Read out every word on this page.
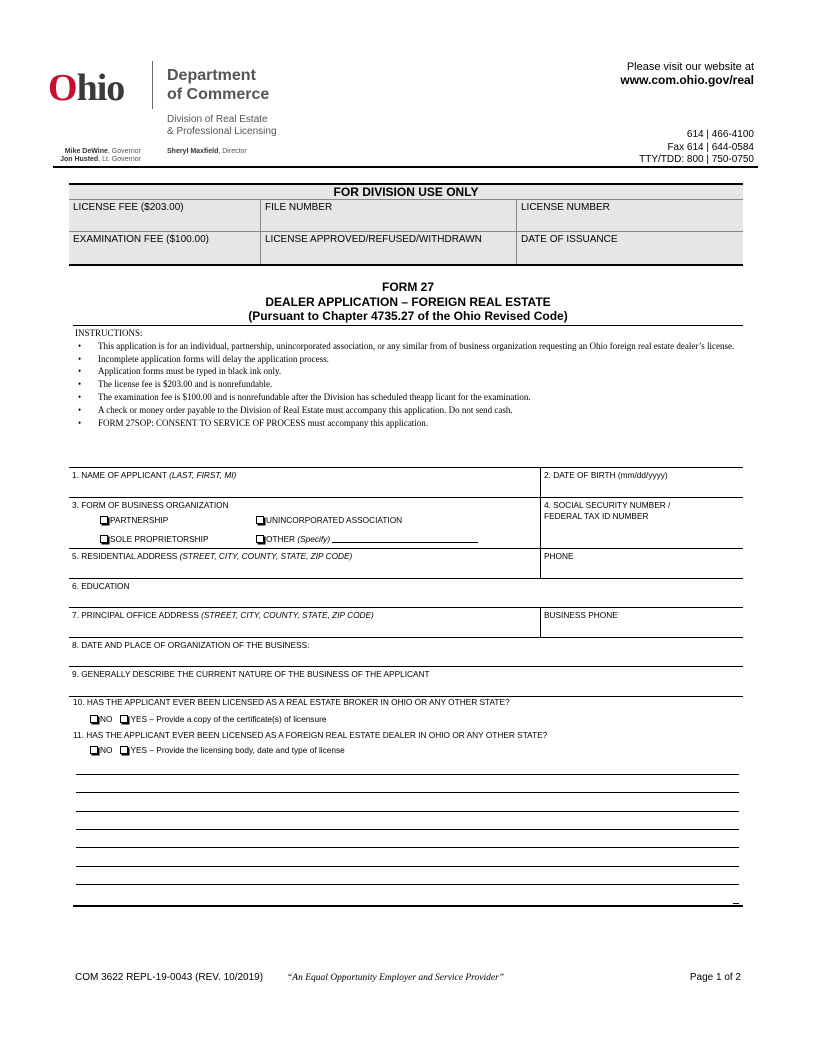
Ohio	Department
of Commerce
Division of Real Estate
& Professional Licensing
Sheryl Maxfield, Director
Mike DeWine, Governor
Jon Husted, Lt. Governor
Please visit our website at
www.com.ohio.gov/real
614 | 466-4100
Fax 614 | 644-0584
TTY/TDD: 800 | 750-0750
FOR DIVISION USE ONLY
LICENSE FEE ($203.00)	FILE NUMBER	LICENSE NUMBER
EXAMINATION FEE ($100.00)	LICENSE APPROVED/REFUSED/WITHDRAWN	DATE OF ISSUANCE
FORM 27
DEALER APPLICATION – FOREIGN REAL ESTATE
(Pursuant to Chapter 4735.27 of the Ohio Revised Code)
INSTRUCTIONS:
• This application is for an individual, partnership, unincorporated association, or any similar from of business organization requesting an Ohio foreign real estate dealer’s license.
• Incomplete application forms will delay the application process.
• Application forms must be typed in black ink only.
• The license fee is $203.00 and is nonrefundable.
• The examination fee is $100.00 and is nonrefundable after the Division has scheduled theapp licant for the examination.
• A check or money order payable to the Division of Real Estate must accompany this application. Do not send cash.
• FORM 27SOP: CONSENT TO SERVICE OF PROCESS must accompany this application.
1. NAME OF APPLICANT (LAST, FIRST, MI)	2. DATE OF BIRTH (mm/dd/yyyy)
3. FORM OF BUSINESS ORGANIZATION	4. SOCIAL SECURITY NUMBER /
FEDERAL TAX ID NUMBER
PARTNERSHIP	UNINCORPORATED ASSOCIATION
SOLE PROPRIETORSHIP	OTHER (Specify)
5. RESIDENTIAL ADDRESS (STREET, CITY, COUNTY, STATE, ZIP CODE)	PHONE
6. EDUCATION
7. PRINCIPAL OFFICE ADDRESS (STREET, CITY, COUNTY, STATE, ZIP CODE)	BUSINESS PHONE
8. DATE AND PLACE OF ORGANIZATION OF THE BUSINESS:
9. GENERALLY DESCRIBE THE CURRENT NATURE OF THE BUSINESS OF THE APPLICANT
10. HAS THE APPLICANT EVER BEEN LICENSED AS A REAL ESTATE BROKER IN OHIO OR ANY OTHER STATE?
NO YES – Provide a copy of the certificate(s) of licensure
11. HAS THE APPLICANT EVER BEEN LICENSED AS A FOREIGN REAL ESTATE DEALER IN OHIO OR ANY OTHER STATE?
NO YES – Provide the licensing body, date and type of license
COM 3622 REPL-19-0043 (REV. 10/2019)	“An Equal Opportunity Employer and Service Provider”	Page 1 of 2
